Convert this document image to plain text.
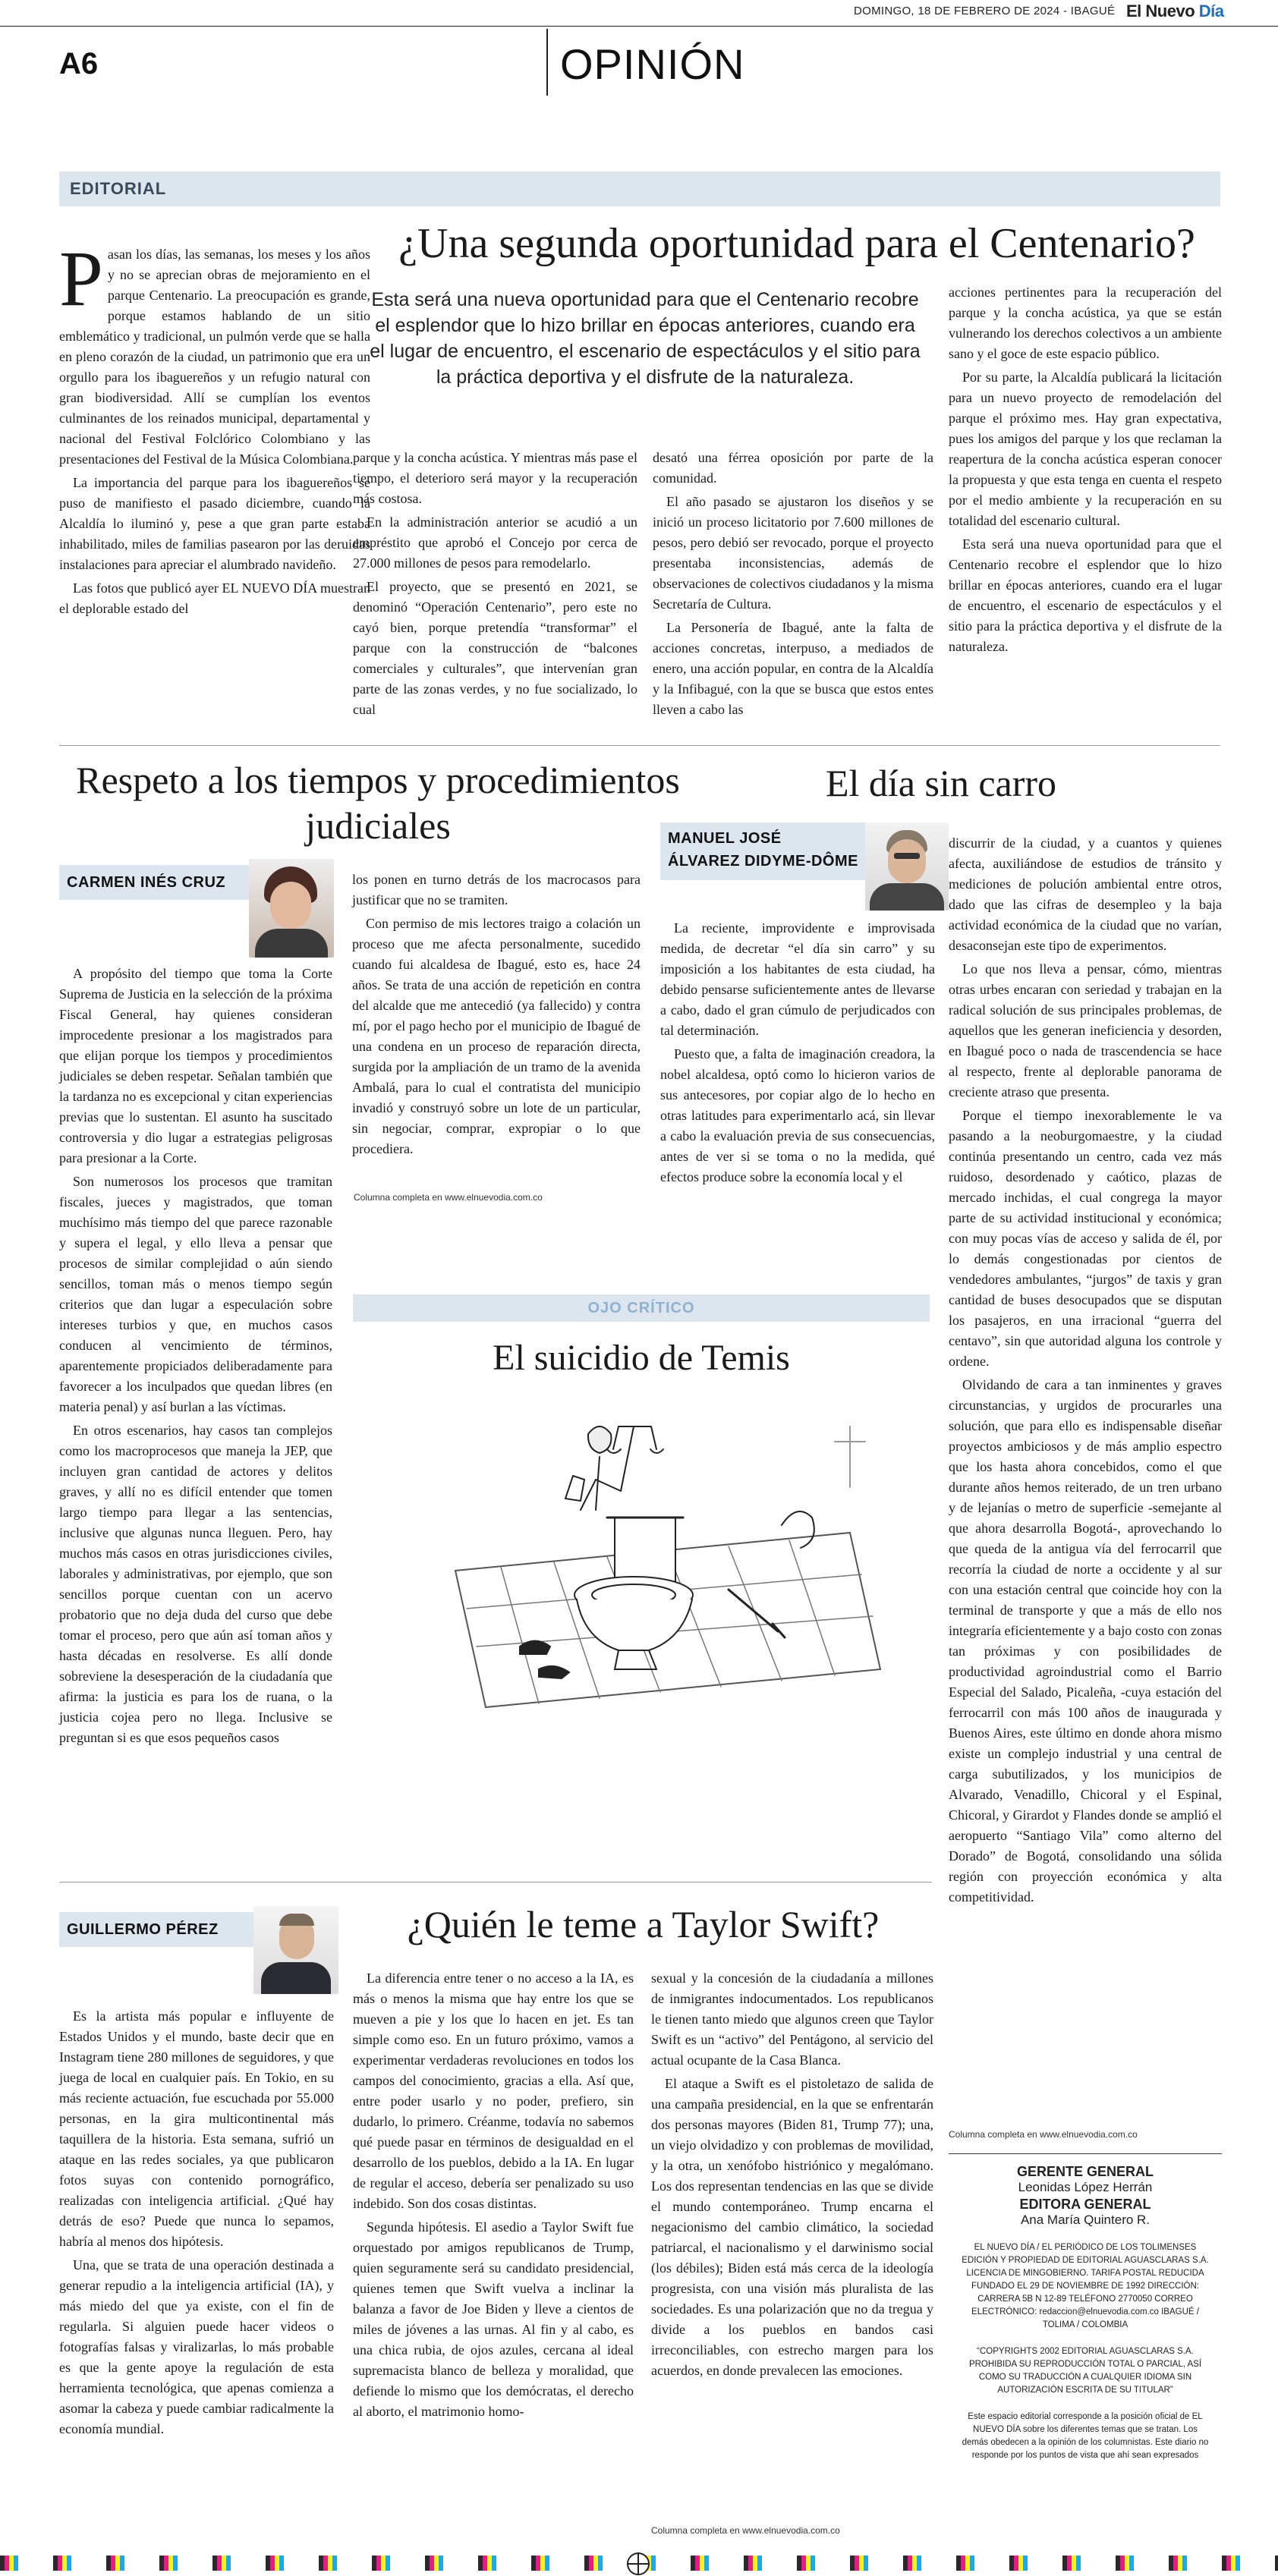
DOMINGO, 18 DE FEBRERO DE 2024 - IBAGUÉ El Nuevo Día
A6	OPINIÓN
EDITORIAL

Pasan los días, las semanas, los meses y los años y no se aprecian obras de mejoramiento en el parque Centenario. La preocupación es grande, porque estamos hablando de un sitio emblemático y tradicional, un pulmón verde que se halla en pleno corazón de la ciudad, un patrimonio que era un orgullo para los ibaguereños y un refugio natural con gran biodiversidad. Allí se cumplían los eventos culminantes de los reinados municipal, departamental y nacional del Festival Folclórico Colombiano y las presentaciones del Festival de la Música Colombiana.

La importancia del parque para los ibaguereños se puso de manifiesto el pasado diciembre, cuando la Alcaldía lo iluminó y, pese a que gran parte estaba inhabilitado, miles de familias pasearon por las deruidas instalaciones para apreciar el alumbrado navideño.

Las fotos que publicó ayer EL NUEVO DÍA muestran el deplorable estado del

¿Una segunda oportunidad para el Centenario?
Esta será una nueva oportunidad para que el Centenario recobre el esplendor que lo hizo brillar en épocas anteriores, cuando era el lugar de encuentro, el escenario de espectáculos y el sitio para la práctica deportiva y el disfrute de la naturaleza.

parque y la concha acústica. Y mientras más pase el tiempo, el deterioro será mayor y la recuperación más costosa.

En la administración anterior se acudió a un empréstito que aprobó el Concejo por cerca de 27.000 millones de pesos para remodelarlo.

El proyecto, que se presentó en 2021, se denominó “Operación Centenario”, pero este no cayó bien, porque pretendía “transformar” el parque con la construcción de “balcones comerciales y culturales”, que intervenían gran parte de las zonas verdes, y no fue socializado, lo cual

desató una férrea oposición por parte de la comunidad.

El año pasado se ajustaron los diseños y se inició un proceso licitatorio por 7.600 millones de pesos, pero debió ser revocado, porque el proyecto presentaba inconsistencias, además de observaciones de colectivos ciudadanos y la misma Secretaría de Cultura.

La Personería de Ibagué, ante la falta de acciones concretas, interpuso, a mediados de enero, una acción popular, en contra de la Alcaldía y la Infibagué, con la que se busca que estos entes lleven a cabo las

acciones pertinentes para la recuperación del parque y la concha acústica, ya que se están vulnerando los derechos colectivos a un ambiente sano y el goce de este espacio público.

Por su parte, la Alcaldía publicará la licitación para un nuevo proyecto de remodelación del parque el próximo mes. Hay gran expectativa, pues los amigos del parque y los que reclaman la reapertura de la concha acústica esperan conocer la propuesta y que esta tenga en cuenta el respeto por el medio ambiente y la recuperación en su totalidad del escenario cultural.

Esta será una nueva oportunidad para que el Centenario recobre el esplendor que lo hizo brillar en épocas anteriores, cuando era el lugar de encuentro, el escenario de espectáculos y el sitio para la práctica deportiva y el disfrute de la naturaleza.

Respeto a los tiempos y procedimientos judiciales
CARMEN INÉS CRUZ

A propósito del tiempo que toma la Corte Suprema de Justicia en la selección de la próxima Fiscal General, hay quienes consideran improcedente presionar a los magistrados para que elijan porque los tiempos y procedimientos judiciales se deben respetar. Señalan también que la tardanza no es excepcional y citan experiencias previas que lo sustentan. El asunto ha suscitado controversia y dio lugar a estrategias peligrosas para presionar a la Corte.

Son numerosos los procesos que tramitan fiscales, jueces y magistrados, que toman muchísimo más tiempo del que parece razonable y supera el legal, y ello lleva a pensar que procesos de similar complejidad o aún siendo sencillos, toman más o menos tiempo según criterios que dan lugar a especulación sobre intereses turbios y que, en muchos casos conducen al vencimiento de términos, aparentemente propiciados deliberadamente para favorecer a los inculpados que quedan libres (en materia penal) y así burlan a las víctimas.

En otros escenarios, hay casos tan complejos como los macroprocesos que maneja la JEP, que incluyen gran cantidad de actores y delitos graves, y allí no es difícil entender que tomen largo tiempo para llegar a las sentencias, inclusive que algunas nunca lleguen. Pero, hay muchos más casos en otras jurisdicciones civiles, laborales y administrativas, por ejemplo, que son sencillos porque cuentan con un acervo probatorio que no deja duda del curso que debe tomar el proceso, pero que aún así toman años y hasta décadas en resolverse. Es allí donde sobreviene la desesperación de la ciudadanía que afirma: la justicia es para los de ruana, o la justicia cojea pero no llega. Inclusive se preguntan si es que esos pequeños casos

los ponen en turno detrás de los macrocasos para justificar que no se tramiten.

Con permiso de mis lectores traigo a colación un proceso que me afecta personalmente, sucedido cuando fui alcaldesa de Ibagué, esto es, hace 24 años. Se trata de una acción de repetición en contra del alcalde que me antecedió (ya fallecido) y contra mí, por el pago hecho por el municipio de Ibagué de una condena en un proceso de reparación directa, surgida por la ampliación de un tramo de la avenida Ambalá, para lo cual el contratista del municipio invadió y construyó sobre un lote de un particular, sin negociar, comprar, expropiar o lo que procediera.

Columna completa en www.elnuevodia.com.co
El día sin carro
MANUEL JOSÉ
ÁLVAREZ DIDYME-DÔME

La reciente, improvidente e improvisada medida, de decretar “el día sin carro” y su imposición a los habitantes de esta ciudad, ha debido pensarse suficientemente antes de llevarse a cabo, dado el gran cúmulo de perjudicados con tal determinación.

Puesto que, a falta de imaginación creadora, la nobel alcaldesa, optó como lo hicieron varios de sus antecesores, por copiar algo de lo hecho en otras latitudes para experimentarlo acá, sin llevar a cabo la evaluación previa de sus consecuencias, antes de ver si se toma o no la medida, qué efectos produce sobre la economía local y el

discurrir de la ciudad, y a cuantos y quienes afecta, auxiliándose de estudios de tránsito y mediciones de polución ambiental entre otros, dado que las cifras de desempleo y la baja actividad económica de la ciudad que no varían, desaconsejan este tipo de experimentos.

Lo que nos lleva a pensar, cómo, mientras otras urbes encaran con seriedad y trabajan en la radical solución de sus principales problemas, de aquellos que les generan ineficiencia y desorden, en Ibagué poco o nada de trascendencia se hace al respecto, frente al deplorable panorama de creciente atraso que presenta.

Porque el tiempo inexorablemente le va pasando a la neoburgomaestre, y la ciudad continúa presentando un centro, cada vez más ruidoso, desordenado y caótico, plazas de mercado inchidas, el cual congrega la mayor parte de su actividad institucional y económica; con muy pocas vías de acceso y salida de él, por lo demás congestionadas por cientos de vendedores ambulantes, “jurgos” de taxis y gran cantidad de buses desocupados que se disputan los pasajeros, en una irracional “guerra del centavo”, sin que autoridad alguna los controle y ordene.

Olvidando de cara a tan inminentes y graves circunstancias, y urgidos de procurarles una solución, que para ello es indispensable diseñar proyectos ambiciosos y de más amplio espectro que los hasta ahora concebidos, como el que durante años hemos reiterado, de un tren urbano y de lejanías o metro de superficie -semejante al que ahora desarrolla Bogotá-, aprovechando lo que queda de la antigua vía del ferrocarril que recorría la ciudad de norte a occidente y al sur con una estación central que coincide hoy con la terminal de transporte y que a más de ello nos integraría eficientemente y a bajo costo con zonas tan próximas y con posibilidades de productividad agroindustrial como el Barrio Especial del Salado, Picaleña, -cuya estación del ferrocarril con más 100 años de inaugurada y Buenos Aires, este último en donde ahora mismo existe un complejo industrial y una central de carga subutilizados, y los municipios de Alvarado, Venadillo, Chicoral y el Espinal, Chicoral, y Girardot y Flandes donde se amplió el aeropuerto “Santiago Vila” como alterno del Dorado” de Bogotá, consolidando una sólida región con proyección económica y alta competitividad.

Columna completa en www.elnuevodia.com.co
OJO CRÍTICO
El suicidio de Temis
GUILLERMO PÉREZ	¿Quién le teme a Taylor Swift?

Es la artista más popular e influyente de Estados Unidos y el mundo, baste decir que en Instagram tiene 280 millones de seguidores, y que juega de local en cualquier país. En Tokio, en su más reciente actuación, fue escuchada por 55.000 personas, en la gira multicontinental más taquillera de la historia. Esta semana, sufrió un ataque en las redes sociales, ya que publicaron fotos suyas con contenido pornográfico, realizadas con inteligencia artificial. ¿Qué hay detrás de eso? Puede que nunca lo sepamos, habría al menos dos hipótesis.

Una, que se trata de una operación destinada a generar repudio a la inteligencia artificial (IA), y más miedo del que ya existe, con el fin de regularla. Si alguien puede hacer videos o fotografías falsas y viralizarlas, lo más probable es que la gente apoye la regulación de esta herramienta tecnológica, que apenas comienza a asomar la cabeza y puede cambiar radicalmente la economía mundial.

La diferencia entre tener o no acceso a la IA, es más o menos la misma que hay entre los que se mueven a pie y los que lo hacen en jet. Es tan simple como eso. En un futuro próximo, vamos a experimentar verdaderas revoluciones en todos los campos del conocimiento, gracias a ella. Así que, entre poder usarlo y no poder, prefiero, sin dudarlo, lo primero. Créanme, todavía no sabemos qué puede pasar en términos de desigualdad en el desarrollo de los pueblos, debido a la IA. En lugar de regular el acceso, debería ser penalizado su uso indebido. Son dos cosas distintas.

Segunda hipótesis. El asedio a Taylor Swift fue orquestado por amigos republicanos de Trump, quien seguramente será su candidato presidencial, quienes temen que Swift vuelva a inclinar la balanza a favor de Joe Biden y lleve a cientos de miles de jóvenes a las urnas. Al fin y al cabo, es una chica rubia, de ojos azules, cercana al ideal supremacista blanco de belleza y moralidad, que defiende lo mismo que los demócratas, el derecho al aborto, el matrimonio homo-

sexual y la concesión de la ciudadanía a millones de inmigrantes indocumentados. Los republicanos le tienen tanto miedo que algunos creen que Taylor Swift es un “activo” del Pentágono, al servicio del actual ocupante de la Casa Blanca.

El ataque a Swift es el pistoletazo de salida de una campaña presidencial, en la que se enfrentarán dos personas mayores (Biden 81, Trump 77); una, un viejo olvidadizo y con problemas de movilidad, y la otra, un xenófobo histriónico y megalómano. Los dos representan tendencias en las que se divide el mundo contemporáneo. Trump encarna el negacionismo del cambio climático, la sociedad patriarcal, el nacionalismo y el darwinismo social (los débiles); Biden está más cerca de la ideología progresista, con una visión más pluralista de las sociedades. Es una polarización que no da tregua y divide a los pueblos en bandos casi irreconciliables, con estrecho margen para los acuerdos, en donde prevalecen las emociones.

Columna completa en www.elnuevodia.com.co
GERENTE GENERAL
Leonidas López Herrán
EDITORA GENERAL
Ana María Quintero R.
EL NUEVO DÍA / EL PERIÓDICO DE LOS TOLIMENSES EDICIÓN Y PROPIEDAD DE EDITORIAL AGUASCLARAS S.A. LICENCIA DE MINGOBIERNO. TARIFA POSTAL REDUCIDA FUNDADO EL 29 DE NOVIEMBRE DE 1992 DIRECCIÓN: CARRERA 5B N 12-89 TELÉFONO 2770050 CORREO ELECTRÓNICO: redaccion@elnuevodia.com.co IBAGUÉ / TOLIMA / COLOMBIA
“COPYRIGHTS 2002 EDITORIAL AGUASCLARAS S.A. PROHIBIDA SU REPRODUCCIÓN TOTAL O PARCIAL, ASÍ COMO SU TRADUCCIÓN A CUALQUIER IDIOMA SIN AUTORIZACIÓN ESCRITA DE SU TITULAR”
Este espacio editorial corresponde a la posición oficial de EL NUEVO DÍA sobre los diferentes temas que se tratan. Los demás obedecen a la opinión de los columnistas. Este diario no responde por los puntos de vista que ahí sean expresados
